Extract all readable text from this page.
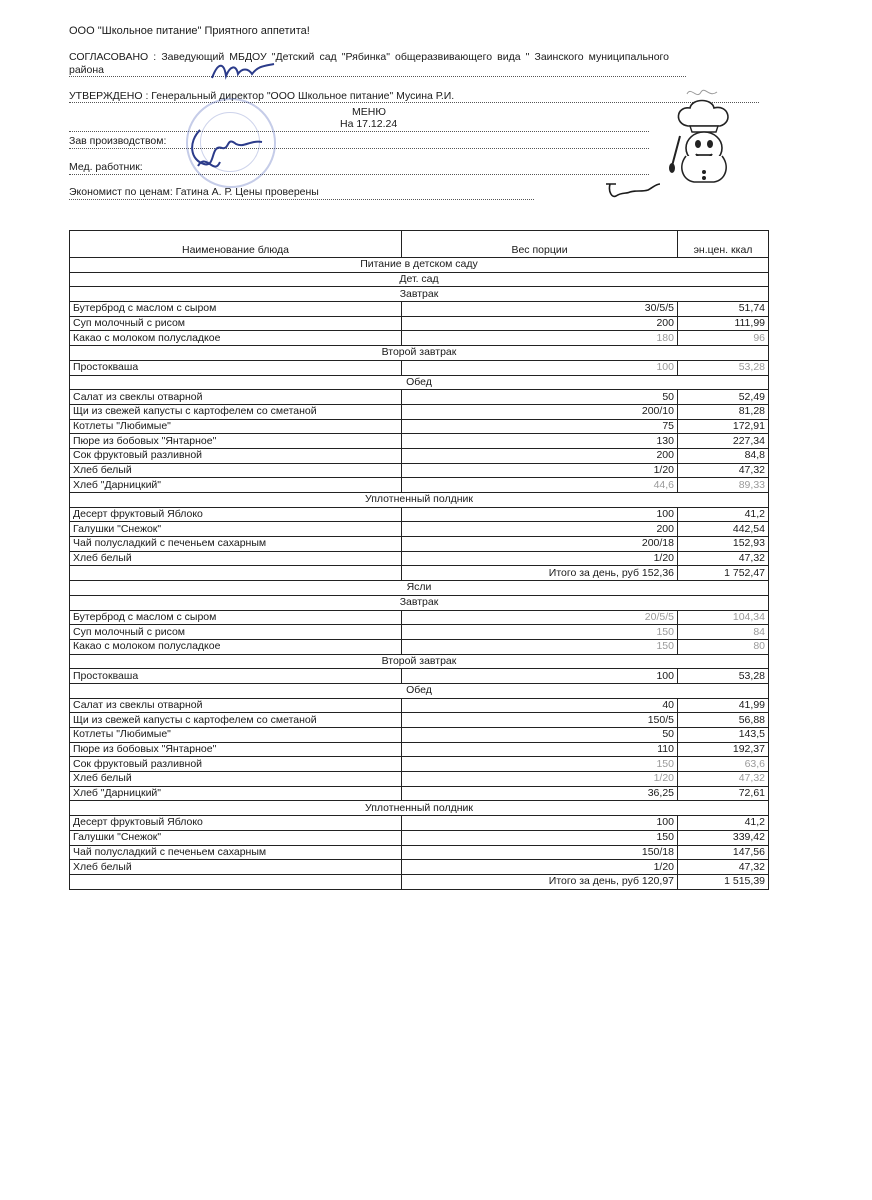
ООО "Школьное питание" Приятного аппетита!
СОГЛАСОВАНО : Заведующий МБДОУ "Детский сад "Рябинка" общеразвивающего вида " Заинского муниципального района
УТВЕРЖДЕНО : Генеральный директор "ООО Школьное питание" Мусина Р.И.
МЕНЮ
На 17.12.24
Зав производством:
Мед. работник:
Экономист по ценам: Гатина А. Р. Цены проверены
Наименование блюда	Вес порции	эн.цен. ккал
Питание в детском саду		
Дет. сад		
Завтрак		
Бутерброд с маслом с сыром	30/5/5	51,74
Суп молочный с рисом	200	111,99
Какао с молоком полусладкое	180	96
Второй завтрак		
Простокваша	100	53,28
Обед		
Салат из свеклы отварной	50	52,49
Щи из свежей капусты с картофелем со сметаной	200/10	81,28
Котлеты "Любимые"	75	172,91
Пюре из бобовых "Янтарное"	130	227,34
Сок фруктовый разливной	200	84,8
Хлеб белый	1/20	47,32
Хлеб "Дарницкий"	44,6	89,33
Уплотненный полдник		
Десерт фруктовый Яблоко	100	41,2
Галушки "Снежок"	200	442,54
Чай полусладкий с печеньем сахарным	200/18	152,93
Хлеб белый	1/20	47,32
	Итого за день, руб 152,36	1 752,47
Ясли		
Завтрак		
Бутерброд с маслом с сыром	20/5/5	104,34
Суп молочный с рисом	150	84
Какао с молоком полусладкое	150	80
Второй завтрак		
Простокваша	100	53,28
Обед		
Салат из свеклы отварной	40	41,99
Щи из свежей капусты с картофелем со сметаной	150/5	56,88
Котлеты "Любимые"	50	143,5
Пюре из бобовых "Янтарное"	110	192,37
Сок фруктовый разливной	150	63,6
Хлеб белый	1/20	47,32
Хлеб "Дарницкий"	36,25	72,61
Уплотненный полдник		
Десерт фруктовый Яблоко	100	41,2
Галушки "Снежок"	150	339,42
Чай полусладкий с печеньем сахарным	150/18	147,56
Хлеб белый	1/20	47,32
	Итого за день, руб 120,97	1 515,39
